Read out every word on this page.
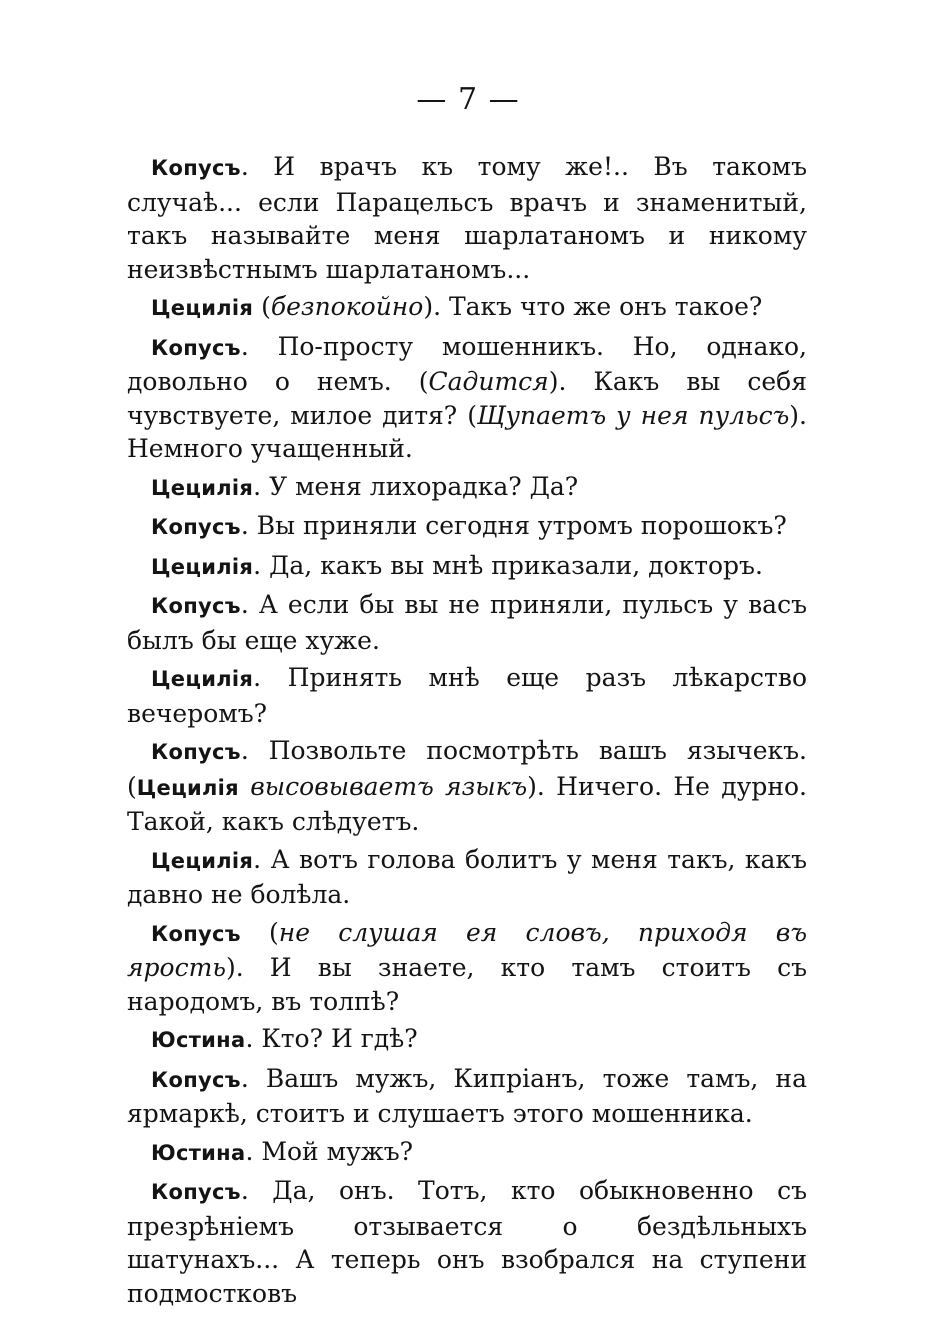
— 7 —

Копусъ. И врачъ къ тому же!.. Въ такомъ случаѣ... если Парацельсъ врачъ и знаменитый, такъ называйте меня шарлатаномъ и никому неизвѣстнымъ шарлатаномъ...

Цецилія (безпокойно). Такъ что же онъ такое?

Копусъ. По-просту мошенникъ. Но, однако, довольно о немъ. (Садится). Какъ вы себя чувствуете, милое дитя? (Щупаетъ у нея пульсъ). Немного учащенный.

Цецилія. У меня лихорадка? Да?

Копусъ. Вы приняли сегодня утромъ порошокъ?

Цецилія. Да, какъ вы мнѣ приказали, докторъ.

Копусъ. А если бы вы не приняли, пульсъ у васъ былъ бы еще хуже.

Цецилія. Принять мнѣ еще разъ лѣкарство вечеромъ?

Копусъ. Позвольте посмотрѣть вашъ язычекъ. (Цецилія высовываетъ языкъ). Ничего. Не дурно. Такой, какъ слѣдуетъ.

Цецилія. А вотъ голова болитъ у меня такъ, какъ давно не болѣла.

Копусъ (не слушая ея словъ, приходя въ ярость). И вы знаете, кто тамъ стоитъ съ народомъ, въ толпѣ?

Юстина. Кто? И гдѣ?

Копусъ. Вашъ мужъ, Кипріанъ, тоже тамъ, на ярмаркѣ, стоитъ и слушаетъ этого мошенника.

Юстина. Мой мужъ?

Копусъ. Да, онъ. Тотъ, кто обыкновенно съ презрѣніемъ отзывается о бездѣльныхъ шатунахъ... А теперь онъ взобрался на ступени подмостковъ
